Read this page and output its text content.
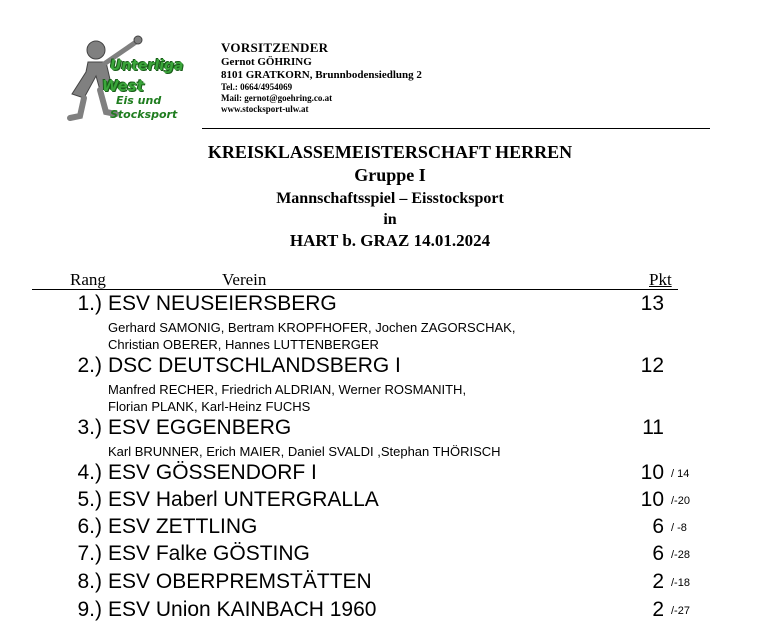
Unterliga
West
Eis und
Stocksport
VORSITZENDER
Gernot GÖHRING
8101 GRATKORN, Brunnbodensiedlung 2
Tel.: 0664/4954069
Mail: gernot@goehring.co.at
www.stocksport-ulw.at
KREISKLASSEMEISTERSCHAFT HERREN
Gruppe I
Mannschaftsspiel – Eisstocksport
in
HART b. GRAZ 14.01.2024
Rang	Verein	Pkt
1.) ESV NEUSEIERSBERG	13
Gerhard SAMONIG, Bertram KROPFHOFER, Jochen ZAGORSCHAK,
Christian OBERER, Hannes LUTTENBERGER
2.) DSC DEUTSCHLANDSBERG I	12
Manfred RECHER, Friedrich ALDRIAN, Werner ROSMANITH,
Florian PLANK, Karl-Heinz FUCHS
3.) ESV EGGENBERG	11
Karl BRUNNER, Erich MAIER, Daniel SVALDI ,Stephan THÖRISCH
4.) ESV GÖSSENDORF I	10 / 14
5.) ESV Haberl UNTERGRALLA	10 /-20
6.) ESV ZETTLING	6 / -8
7.) ESV Falke GÖSTING	6 /-28
8.) ESV OBERPREMSTÄTTEN	2 /-18
9.) ESV Union KAINBACH 1960	2 /-27
